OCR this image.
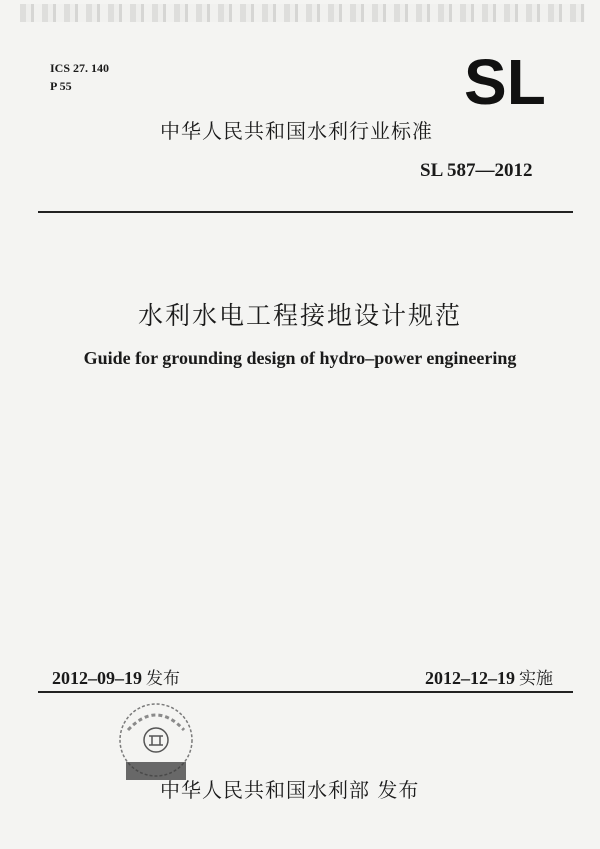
ICS 27. 140
P 55	SL
中华人民共和国水利行业标准
SL 587—2012
水利水电工程接地设计规范
Guide for grounding design of hydro–power engineering
2012–09–19 发布	2012–12–19 实施
中华人民共和国水利部 发布
